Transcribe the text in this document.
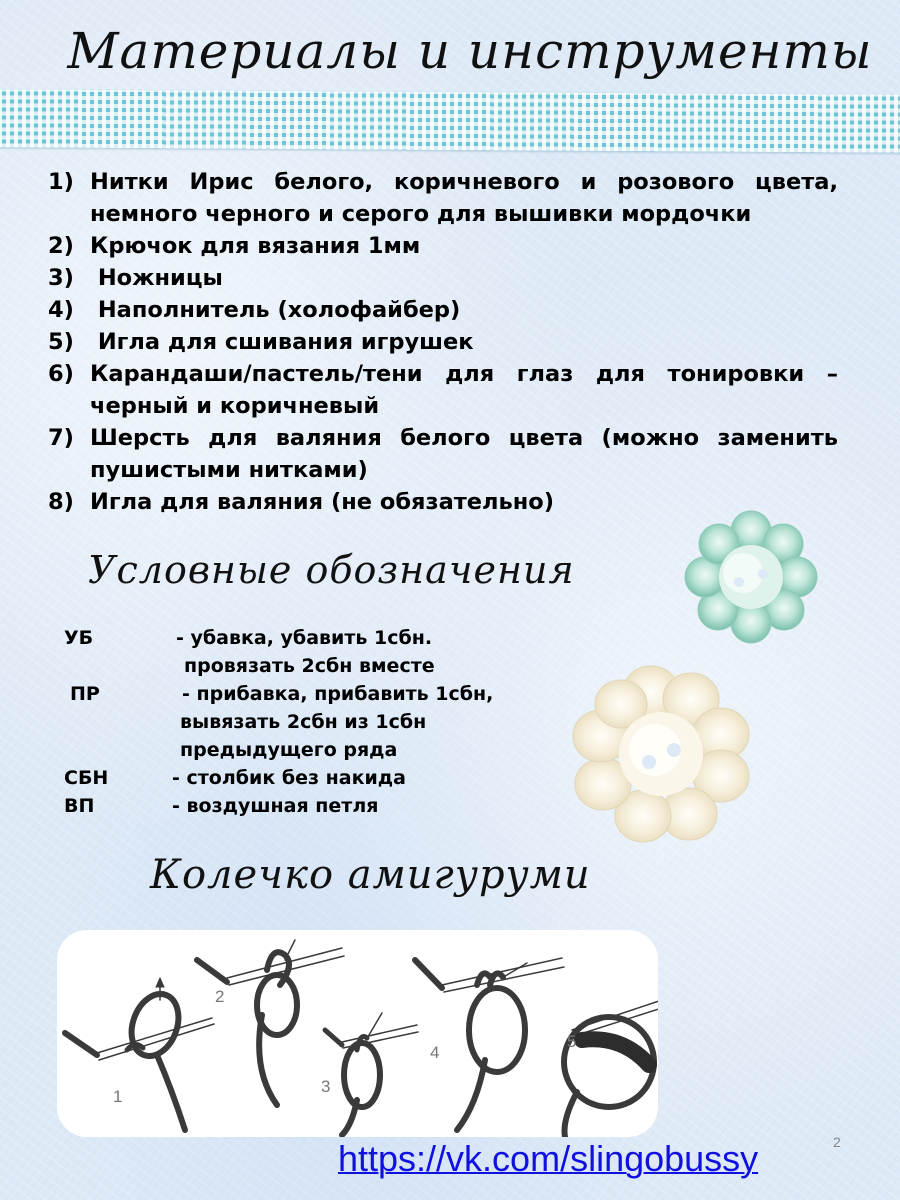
Материалы и инструменты
1) Нитки Ирис белого, коричневого и розового цвета, немного черного и серого для вышивки мордочки
2) Крючок для вязания 1мм
3) Ножницы
4) Наполнитель (холофайбер)
5) Игла для сшивания игрушек
6) Карандаши/пастель/тени для глаз для тонировки – черный и коричневый
7) Шерсть для валяния белого цвета (можно заменить пушистыми нитками)
8) Игла для валяния (не обязательно)
Условные обозначения
УБ	- убавка, убавить 1сбн.
провязать 2сбн вместе
ПР	- прибавка, прибавить 1сбн,
вывязать 2сбн из 1сбн
предыдущего ряда
СБН	- столбик без накида
ВП	- воздушная петля
Колечко амигуруми
1
2
3
4
5
https://vk.com/slingobussy	2
